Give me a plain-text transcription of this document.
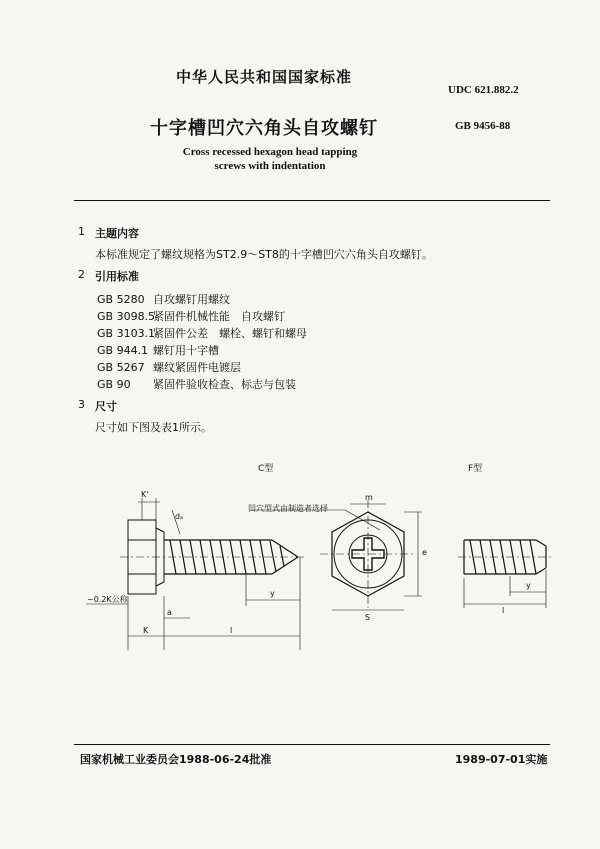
中华人民共和国国家标准
UDC 621.882.2
十字槽凹穴六角头自攻螺钉	GB 9456-88
Cross recessed hexagon head tapping
screws with indentation
1 主题内容
本标准规定了螺纹规格为ST2.9～ST8的十字槽凹穴六角头自攻螺钉。
2 引用标准
GB 5280 自攻螺钉用螺纹
GB 3098.5紧固件机械性能　自攻螺钉
GB 3103.1紧固件公差　螺栓、螺钉和螺母
GB 944.1 螺钉用十字槽
GB 5267 螺纹紧固件电镀层
GB 90 紧固件验收检查、标志与包装
3 尺寸
尺寸如下图及表1所示。
C型	F型
凹穴型式由制造者选择
K'
dₐ
~0.2K公称
a
K	l
y
m
e
S
l
y
国家机械工业委员会1988-06-24批准	1989-07-01实施
